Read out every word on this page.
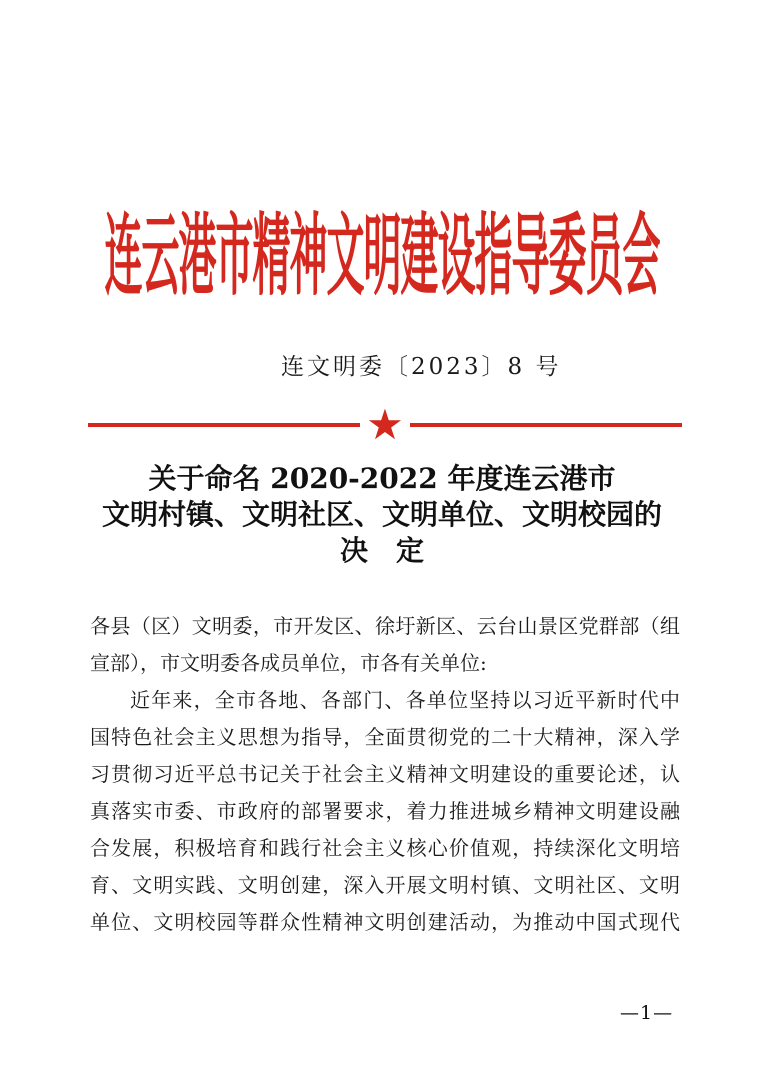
连云港市精神文明建设指导委员会
连文明委〔2023〕8 号
★
关于命名 2020-2022 年度连云港市
文明村镇、文明社区、文明单位、文明校园的
决　定
各县（区）文明委，市开发区、徐圩新区、云台山景区党群部（组
宣部），市文明委各成员单位，市各有关单位:
近年来，全市各地、各部门、各单位坚持以习近平新时代中
国特色社会主义思想为指导，全面贯彻党的二十大精神，深入学
习贯彻习近平总书记关于社会主义精神文明建设的重要论述，认
真落实市委、市政府的部署要求，着力推进城乡精神文明建设融
合发展，积极培育和践行社会主义核心价值观，持续深化文明培
育、文明实践、文明创建，深入开展文明村镇、文明社区、文明
单位、文明校园等群众性精神文明创建活动，为推动中国式现代
—1—
